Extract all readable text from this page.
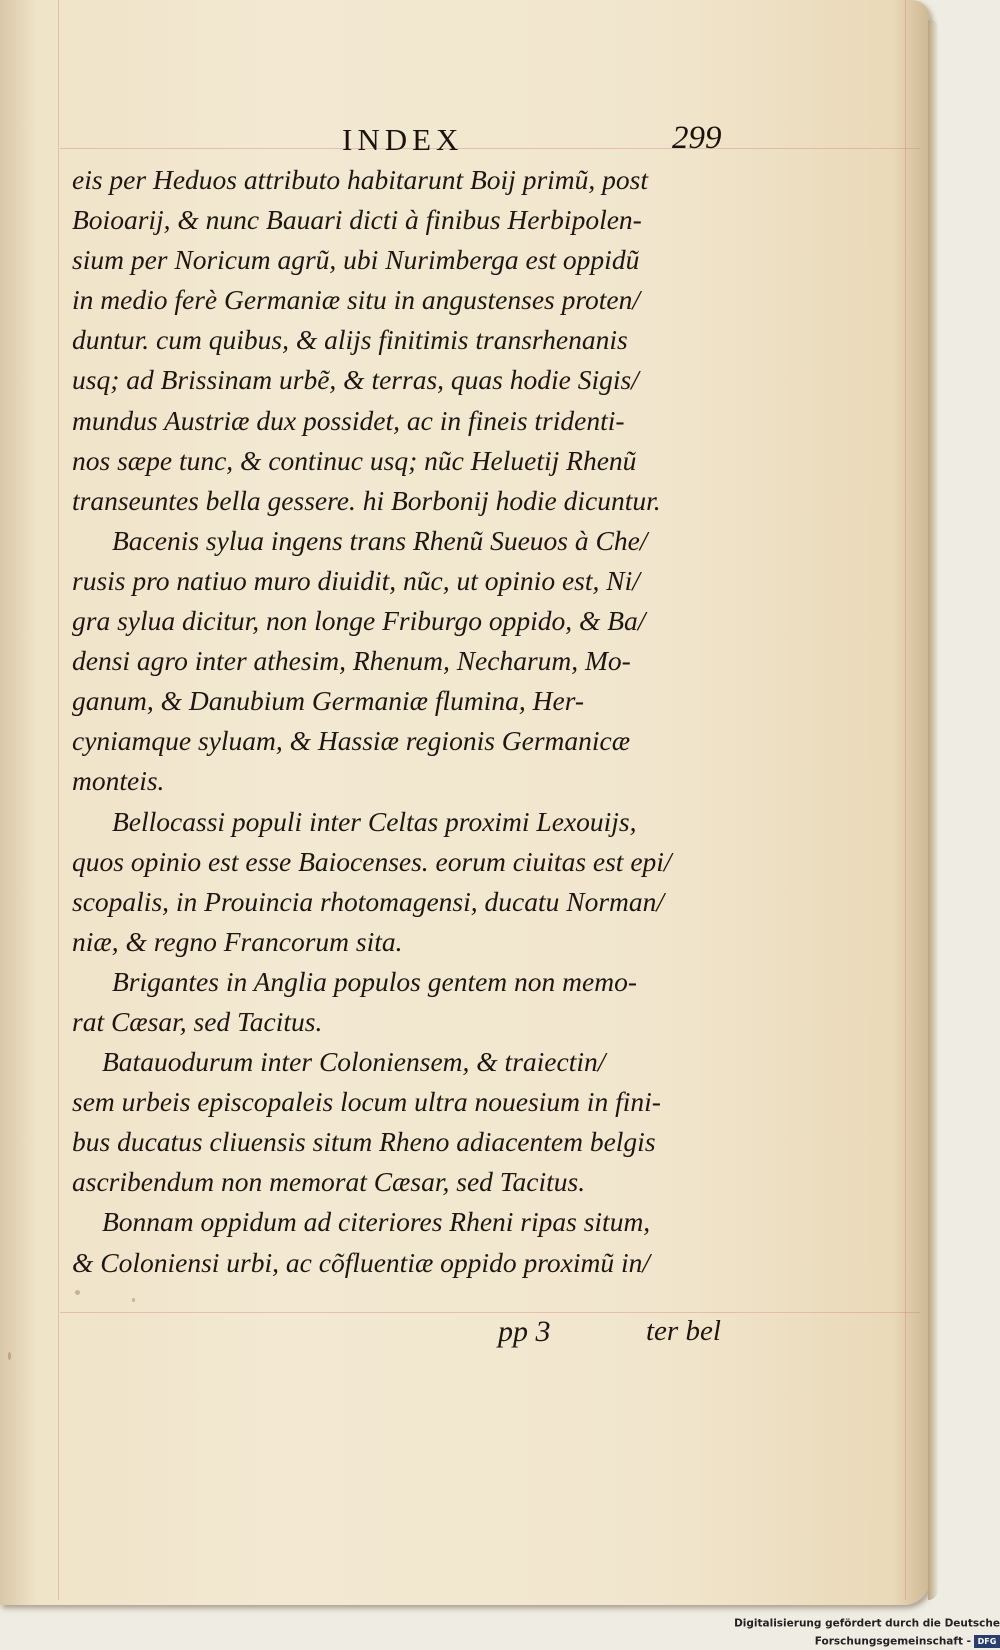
INDEX	299
eis per Heduos attributo habitarunt Boij primũ, post
Boioarij, & nunc Bauari dicti à finibus Herbipolen-
sium per Noricum agrũ, ubi Nurimberga est oppidũ
in medio ferè Germaniæ situ in angustenses proten/
duntur. cum quibus, & alijs finitimis transrhenanis
usq; ad Brissinam urbẽ, & terras, quas hodie Sigis/
mundus Austriæ dux possidet, ac in fineis tridenti-
nos sæpe tunc, & continuc usq; nũc Heluetij Rhenũ
transeuntes bella gessere. hi Borbonij hodie dicuntur.
Bacenis sylua ingens trans Rhenũ Sueuos à Che/
rusis pro natiuo muro diuidit, nũc, ut opinio est, Ni/
gra sylua dicitur, non longe Friburgo oppido, & Ba/
densi agro inter athesim, Rhenum, Necharum, Mo-
ganum, & Danubium Germaniæ flumina, Her-
cyniamque syluam, & Hassiæ regionis Germanicæ
monteis.
Bellocassi populi inter Celtas proximi Lexouijs,
quos opinio est esse Baiocenses. eorum ciuitas est epi/
scopalis, in Prouincia rhotomagensi, ducatu Norman/
niæ, & regno Francorum sita.
Brigantes in Anglia populos gentem non memo-
rat Cæsar, sed Tacitus.
Batauodurum inter Coloniensem, & traiectin/
sem urbeis episcopaleis locum ultra nouesium in fini-
bus ducatus cliuensis situm Rheno adiacentem belgis
ascribendum non memorat Cæsar, sed Tacitus.
Bonnam oppidum ad citeriores Rheni ripas situm,
& Coloniensi urbi, ac cõfluentiæ oppido proximũ in/
pp 3	ter bel
Digitalisierung gefördert durch die Deutsche Forschungsgemeinschaft - DFG
